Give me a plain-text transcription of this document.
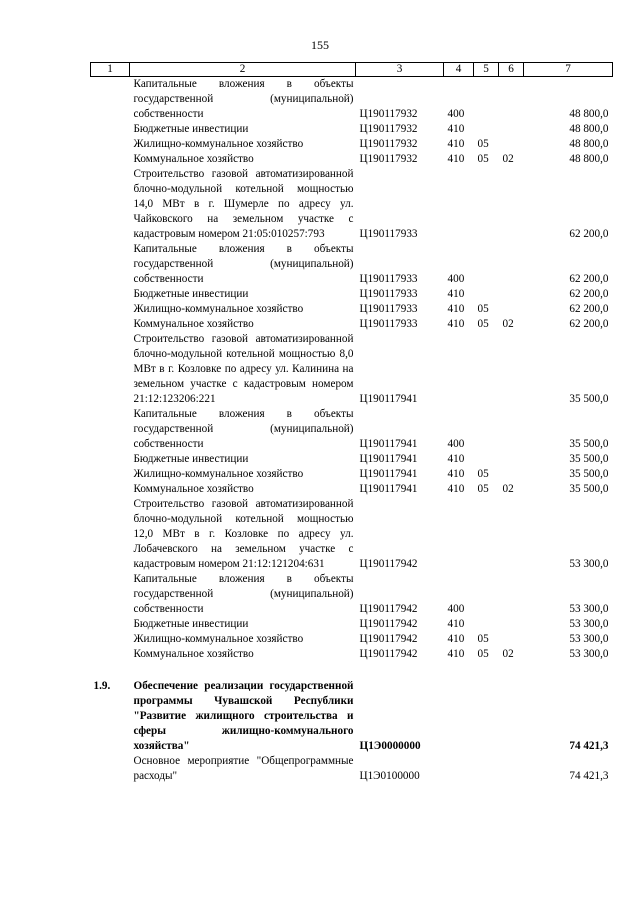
155
1	2	3	4	5	6	7
	Капитальные вложения в объекты государственной (муниципальной) собственности	Ц190117932	400			48 800,0
	Бюджетные инвестиции	Ц190117932	410			48 800,0
	Жилищно-коммунальное хозяйство	Ц190117932	410	05		48 800,0
	Коммунальное хозяйство	Ц190117932	410	05	02	48 800,0
	Строительство газовой автоматизированной блочно-модульной котельной мощностью 14,0 МВт в г. Шумерле по адресу ул. Чайковского на земельном участке с кадастровым номером 21:05:010257:793	Ц190117933				62 200,0
	Капитальные вложения в объекты государственной (муниципальной) собственности	Ц190117933	400			62 200,0
	Бюджетные инвестиции	Ц190117933	410			62 200,0
	Жилищно-коммунальное хозяйство	Ц190117933	410	05		62 200,0
	Коммунальное хозяйство	Ц190117933	410	05	02	62 200,0
	Строительство газовой автоматизированной блочно-модульной котельной мощностью 8,0 МВт в г. Козловке по адресу ул. Калинина на земельном участке с кадастровым номером 21:12:123206:221	Ц190117941				35 500,0
	Капитальные вложения в объекты государственной (муниципальной) собственности	Ц190117941	400			35 500,0
	Бюджетные инвестиции	Ц190117941	410			35 500,0
	Жилищно-коммунальное хозяйство	Ц190117941	410	05		35 500,0
	Коммунальное хозяйство	Ц190117941	410	05	02	35 500,0
	Строительство газовой автоматизированной блочно-модульной котельной мощностью 12,0 МВт в г. Козловке по адресу ул. Лобачевского на земельном участке с кадастровым номером 21:12:121204:631	Ц190117942				53 300,0
	Капитальные вложения в объекты государственной (муниципальной) собственности	Ц190117942	400			53 300,0
	Бюджетные инвестиции	Ц190117942	410			53 300,0
	Жилищно-коммунальное хозяйство	Ц190117942	410	05		53 300,0
	Коммунальное хозяйство	Ц190117942	410	05	02	53 300,0

1.9.	Обеспечение реализации государственной программы Чувашской Республики "Развитие жилищного строительства и сферы жилищно-коммунального хозяйства"	Ц1Э0000000				74 421,3
	Основное мероприятие "Общепрограммные расходы"	Ц1Э0100000				74 421,3
